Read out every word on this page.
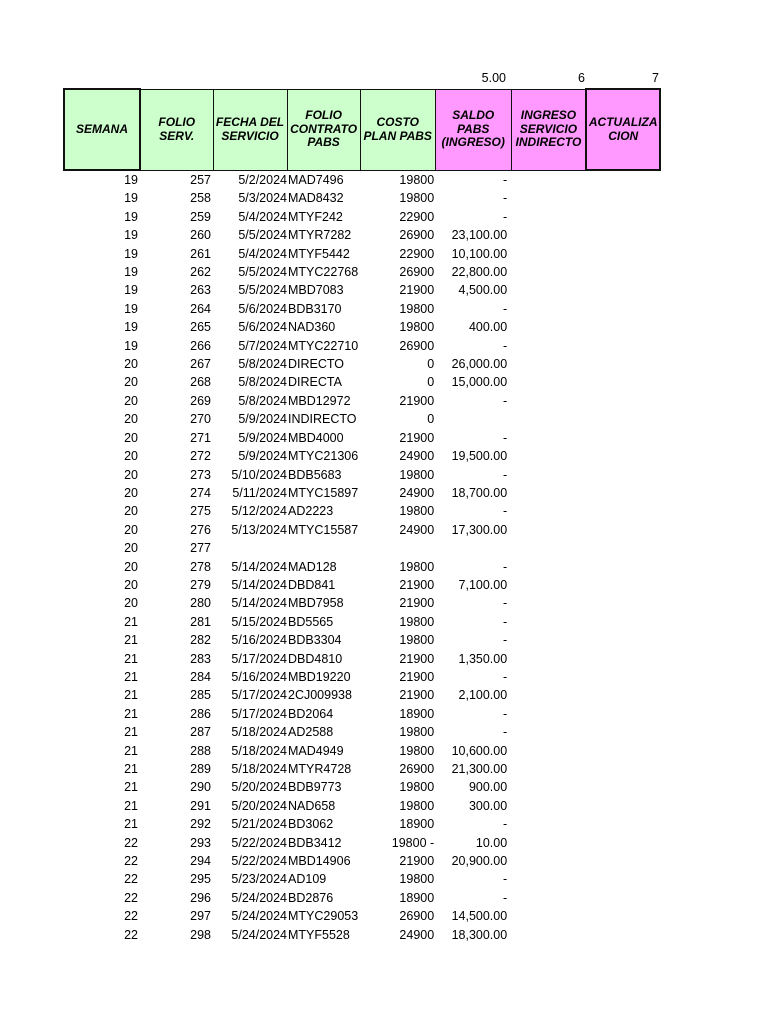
5.00	6	7
SEMANA	FOLIO SERV.	FECHA DEL SERVICIO	FOLIO CONTRATO PABS	COSTO PLAN PABS	SALDO PABS (INGRESO)	INGRESO SERVICIO INDIRECTO	ACTUALIZA CION
19	257	5/2/2024	MAD7496	19800	-		
19	258	5/3/2024	MAD8432	19800	-		
19	259	5/4/2024	MTYF242	22900	-		
19	260	5/5/2024	MTYR7282	26900	23,100.00		
19	261	5/4/2024	MTYF5442	22900	10,100.00		
19	262	5/5/2024	MTYC22768	26900	22,800.00		
19	263	5/5/2024	MBD7083	21900	4,500.00		
19	264	5/6/2024	BDB3170	19800	-		
19	265	5/6/2024	NAD360	19800	400.00		
19	266	5/7/2024	MTYC22710	26900	-		
20	267	5/8/2024	DIRECTO	0	26,000.00		
20	268	5/8/2024	DIRECTA	0	15,000.00		
20	269	5/8/2024	MBD12972	21900	-		
20	270	5/9/2024	INDIRECTO	0			
20	271	5/9/2024	MBD4000	21900	-		
20	272	5/9/2024	MTYC21306	24900	19,500.00		
20	273	5/10/2024	BDB5683	19800	-		
20	274	5/11/2024	MTYC15897	24900	18,700.00		
20	275	5/12/2024	AD2223	19800	-		
20	276	5/13/2024	MTYC15587	24900	17,300.00		
20	277						
20	278	5/14/2024	MAD128	19800	-		
20	279	5/14/2024	DBD841	21900	7,100.00		
20	280	5/14/2024	MBD7958	21900	-		
21	281	5/15/2024	BD5565	19800	-		
21	282	5/16/2024	BDB3304	19800	-		
21	283	5/17/2024	DBD4810	21900	1,350.00		
21	284	5/16/2024	MBD19220	21900	-		
21	285	5/17/2024	2CJ009938	21900	2,100.00		
21	286	5/17/2024	BD2064	18900	-		
21	287	5/18/2024	AD2588	19800	-		
21	288	5/18/2024	MAD4949	19800	10,600.00		
21	289	5/18/2024	MTYR4728	26900	21,300.00		
21	290	5/20/2024	BDB9773	19800	900.00		
21	291	5/20/2024	NAD658	19800	300.00		
21	292	5/21/2024	BD3062	18900	-		
22	293	5/22/2024	BDB3412	19800 -	10.00		
22	294	5/22/2024	MBD14906	21900	20,900.00		
22	295	5/23/2024	AD109	19800	-		
22	296	5/24/2024	BD2876	18900	-		
22	297	5/24/2024	MTYC29053	26900	14,500.00		
22	298	5/24/2024	MTYF5528	24900	18,300.00		
